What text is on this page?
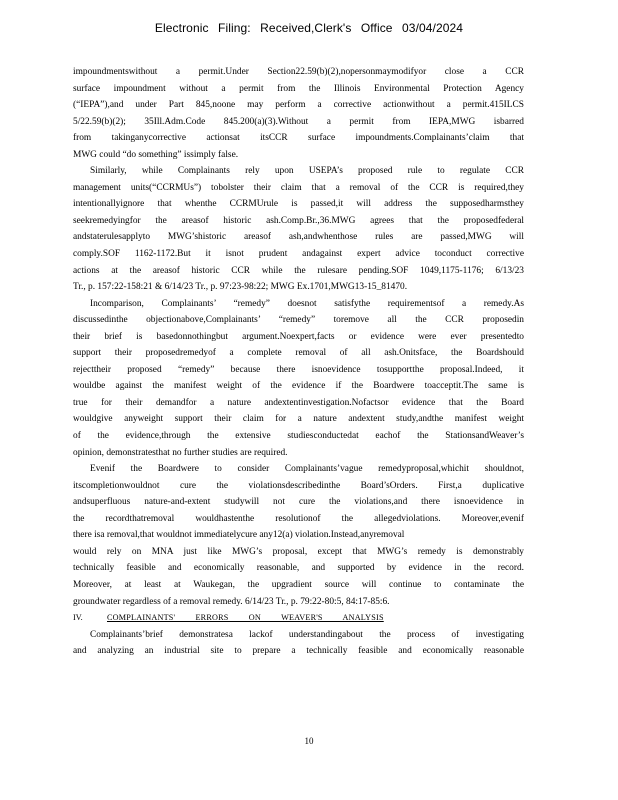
Electronic Filing: Received,Clerk's Office 03/04/2024
impoundmentswithout a permit.Under Section22.59(b)(2),nopersonmaymodifyor close a CCR
surface impoundment without a permit from the Illinois Environmental Protection Agency
(“IEPA”),and under Part 845,noone may perform a corrective actionwithout a permit.415ILCS
5/22.59(b)(2); 35Ill.Adm.Code 845.200(a)(3).Without a permit from IEPA,MWG isbarred
from takinganycorrective actionsat itsCCR surface impoundments.Complainants’claim that
MWG could “do something” issimply false.
Similarly, while Complainants rely upon USEPA’s proposed rule to regulate CCR
management units(“CCRMUs”) tobolster their claim that a removal of the CCR is required,they
intentionallyignore that whenthe CCRMUrule is passed,it will address the supposedharmsthey
seekremedyingfor the areasof historic ash.Comp.Br.,36.MWG agrees that the proposedfederal
andstaterulesapplyto MWG’shistoric areasof ash,andwhenthose rules are passed,MWG will
comply.SOF 1162-1172.But it isnot prudent andagainst expert advice toconduct corrective
actions at the areasof historic CCR while the rulesare pending.SOF 1049,1175-1176; 6/13/23
Tr., p. 157:22-158:21 & 6/14/23 Tr., p. 97:23-98:22; MWG Ex.1701,MWG13-15_81470.
Incomparison, Complainants’ “remedy” doesnot satisfythe requirementsof a remedy.As
discussedinthe objectionabove,Complainants’ “remedy” toremove all the CCR proposedin
their brief is basedonnothingbut argument.Noexpert,facts or evidence were ever presentedto
support their proposedremedyof a complete removal of all ash.Onitsface, the Boardshould
rejecttheir proposed “remedy” because there isnoevidence tosupportthe proposal.Indeed, it
wouldbe against the manifest weight of the evidence if the Boardwere toacceptit.The same is
true for their demandfor a nature andextentinvestigation.Nofactsor evidence that the Board
wouldgive anyweight support their claim for a nature andextent study,andthe manifest weight
of the evidence,through the extensive studiesconductedat eachof the StationsandWeaver’s
opinion, demonstratesthat no further studies are required.
Evenif the Boardwere to consider Complainants’vague remedyproposal,whichit shouldnot,
itscompletionwouldnot cure the violationsdescribedinthe Board’sOrders. First,a duplicative
andsuperfluous nature-and-extent studywill not cure the violations,and there isnoevidence in
the recordthatremoval wouldhastenthe resolutionof the allegedviolations. Moreover,evenif
there isa removal,that wouldnot immediatelycure any12(a) violation.Instead,anyremoval
would rely on MNA just like MWG’s proposal, except that MWG’s remedy is demonstrably
technically feasible and economically reasonable, and supported by evidence in the record.
Moreover, at least at Waukegan, the upgradient source will continue to contaminate the
groundwater regardless of a removal remedy. 6/14/23 Tr., p. 79:22-80:5, 84:17-85:6.
IV.	COMPLAINANTS' ERRORS ON WEAVER'S ANALYSIS
Complainants’brief demonstratesa lackof understandingabout the process of investigating
and analyzing an industrial site to prepare a technically feasible and economically reasonable
10
